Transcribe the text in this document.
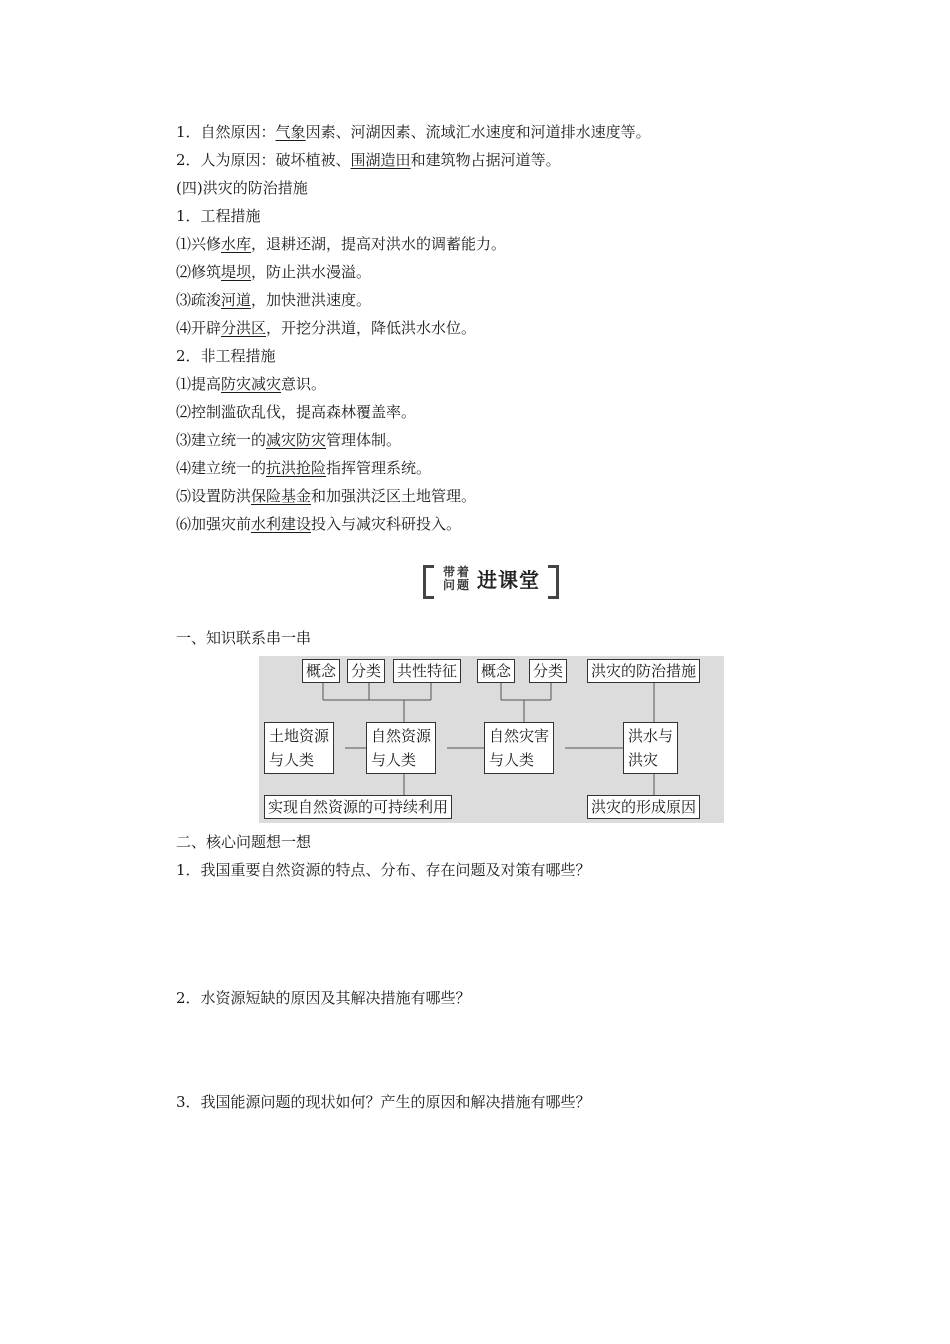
1．自然原因：气象因素、河湖因素、流域汇水速度和河道排水速度等。
2．人为原因：破坏植被、围湖造田和建筑物占据河道等。
(四)洪灾的防治措施
1．工程措施
⑴兴修水库，退耕还湖，提高对洪水的调蓄能力。
⑵修筑堤坝，防止洪水漫溢。
⑶疏浚河道，加快泄洪速度。
⑷开辟分洪区，开挖分洪道，降低洪水水位。
2．非工程措施
⑴提高防灾减灾意识。
⑵控制滥砍乱伐，提高森林覆盖率。
⑶建立统一的减灾防灾管理体制。
⑷建立统一的抗洪抢险指挥管理系统。
⑸设置防洪保险基金和加强洪泛区土地管理。
⑹加强灾前水利建设投入与减灾科研投入。
带着问题 进课堂
一、知识联系串一串
概念 分类 共性特征 概念 分类 洪灾的防治措施
土地资源
与人类
自然资源
与人类
自然灾害
与人类
洪水与
洪灾
实现自然资源的可持续利用	洪灾的形成原因
二、核心问题想一想
1．我国重要自然资源的特点、分布、存在问题及对策有哪些？
2．水资源短缺的原因及其解决措施有哪些？
3．我国能源问题的现状如何？产生的原因和解决措施有哪些？
